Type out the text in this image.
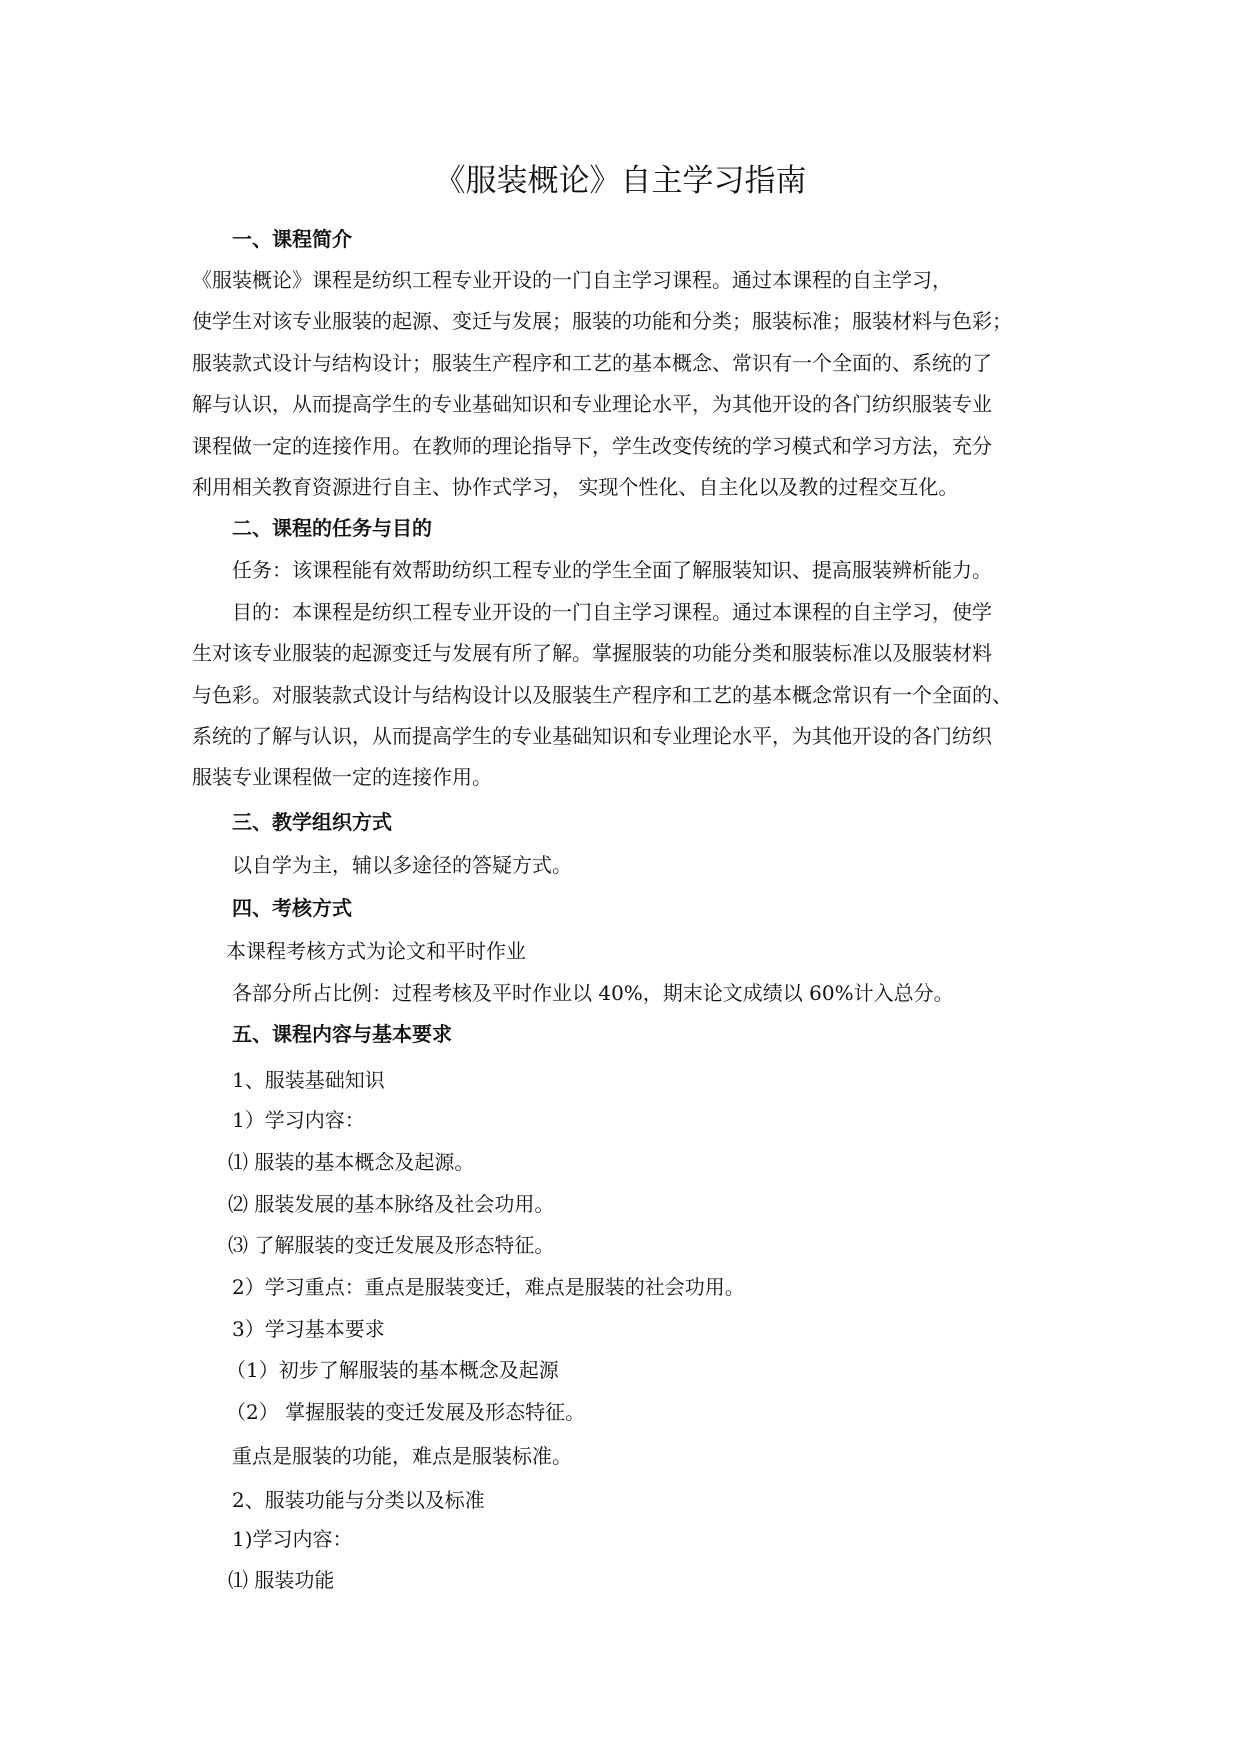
《服装概论》自主学习指南
一、课程简介
《服装概论》课程是纺织工程专业开设的一门自主学习课程。通过本课程的自主学习，
使学生对该专业服装的起源、变迁与发展；服装的功能和分类；服装标准；服装材料与色彩；
服装款式设计与结构设计；服装生产程序和工艺的基本概念、常识有一个全面的、系统的了
解与认识，从而提高学生的专业基础知识和专业理论水平，为其他开设的各门纺织服装专业
课程做一定的连接作用。在教师的理论指导下，学生改变传统的学习模式和学习方法，充分
利用相关教育资源进行自主、协作式学习， 实现个性化、自主化以及教的过程交互化。
二、课程的任务与目的
任务：该课程能有效帮助纺织工程专业的学生全面了解服装知识、提高服装辨析能力。
目的：本课程是纺织工程专业开设的一门自主学习课程。通过本课程的自主学习，使学
生对该专业服装的起源变迁与发展有所了解。掌握服装的功能分类和服装标准以及服装材料
与色彩。对服装款式设计与结构设计以及服装生产程序和工艺的基本概念常识有一个全面的、
系统的了解与认识，从而提高学生的专业基础知识和专业理论水平，为其他开设的各门纺织
服装专业课程做一定的连接作用。
三、教学组织方式
以自学为主，辅以多途径的答疑方式。
四、考核方式
本课程考核方式为论文和平时作业
各部分所占比例：过程考核及平时作业以 40%，期末论文成绩以 60%计入总分。
五、课程内容与基本要求
1、服装基础知识
1）学习内容：
⑴ 服装的基本概念及起源。
⑵ 服装发展的基本脉络及社会功用。
⑶ 了解服装的变迁发展及形态特征。
2）学习重点：重点是服装变迁，难点是服装的社会功用。
3）学习基本要求
（1）初步了解服装的基本概念及起源
（2） 掌握服装的变迁发展及形态特征。
重点是服装的功能，难点是服装标准。
2、服装功能与分类以及标准
1)学习内容：
⑴ 服装功能
